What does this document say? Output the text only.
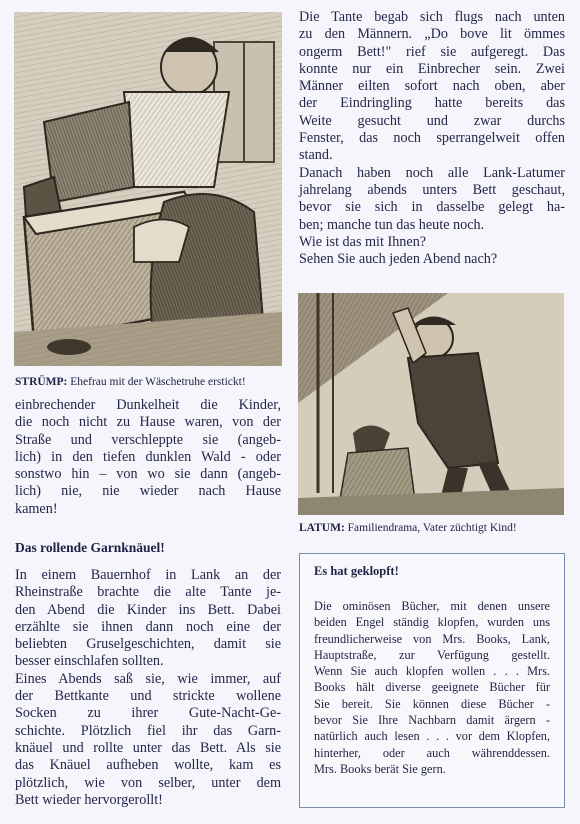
STRÜMP: Ehefrau mit der Wäschetruhe erstickt!
einbrechender Dunkelheit die Kinder,
die noch nicht zu Hause waren, von der
Straße und verschleppte sie (angeb-
lich) in den tiefen dunklen Wald - oder
sonstwo hin – von wo sie dann (angeb-
lich) nie, nie wieder nach Hause
kamen!
Das rollende Garnknäuel!
In einem Bauernhof in Lank an der
Rheinstraße brachte die alte Tante je-
den Abend die Kinder ins Bett. Dabei
erzählte sie ihnen dann noch eine der
beliebten Gruselgeschichten, damit sie
besser einschlafen sollten.
Eines Abends saß sie, wie immer, auf
der Bettkante und strickte wollene
Socken zu ihrer Gute-Nacht-Ge-
schichte. Plötzlich fiel ihr das Garn-
knäuel und rollte unter das Bett. Als sie
das Knäuel aufheben wollte, kam es
plötzlich, wie von selber, unter dem
Bett wieder hervorgerollt!
Die Tante begab sich flugs nach unten
zu den Männern. „Do bove lit ömmes
ongerm Bett!" rief sie aufgeregt. Das
konnte nur ein Einbrecher sein. Zwei
Männer eilten sofort nach oben, aber
der Eindringling hatte bereits das
Weite gesucht und zwar durchs
Fenster, das noch sperrangelweit offen
stand.
Danach haben noch alle Lank-Latumer
jahrelang abends unters Bett geschaut,
bevor sie sich in dasselbe gelegt ha-
ben; manche tun das heute noch.
Wie ist das mit Ihnen?
Sehen Sie auch jeden Abend nach?
LATUM: Familiendrama, Vater züchtigt Kind!
Es hat geklopft!
Die ominösen Bücher, mit denen unsere
beiden Engel ständig klopfen, wurden uns
freundlicherweise von Mrs. Books, Lank,
Hauptstraße, zur Verfügung gestellt.
Wenn Sie auch klopfen wollen . . . Mrs.
Books hält diverse geeignete Bücher für
Sie bereit. Sie können diese Bücher -
bevor Sie Ihre Nachbarn damit ärgern -
natürlich auch lesen . . . vor dem Klopfen,
hinterher, oder auch währenddessen.
Mrs. Books berät Sie gern.
